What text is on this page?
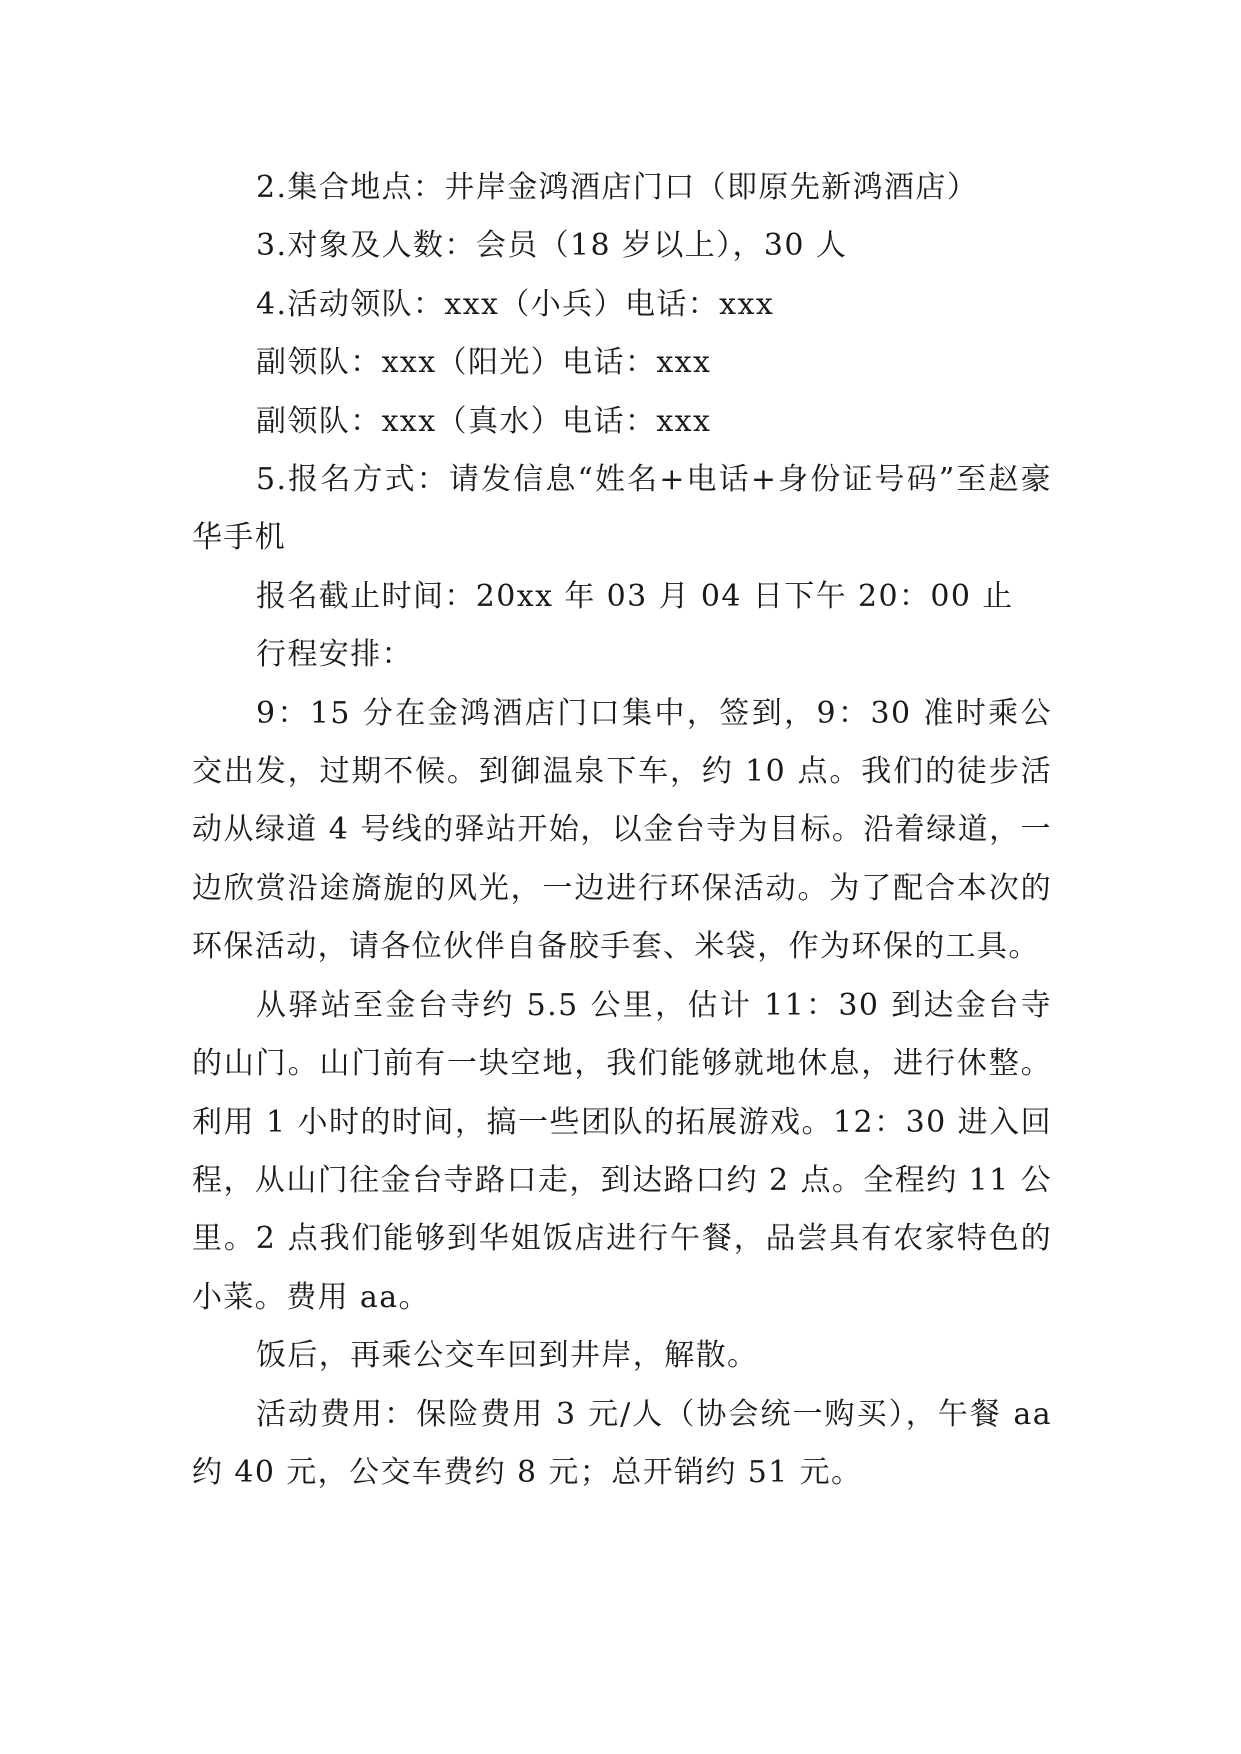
2.集合地点：井岸金鸿酒店门口（即原先新鸿酒店）

3.对象及人数：会员（18 岁以上），30 人

4.活动领队：xxx（小兵）电话：xxx

副领队：xxx（阳光）电话：xxx

副领队：xxx（真水）电话：xxx

5.报名方式：请发信息“姓名+电话+身份证号码”至赵豪华手机

报名截止时间：20xx 年 03 月 04 日下午 20：00 止

行程安排：

9：15 分在金鸿酒店门口集中，签到，9：30 准时乘公交出发，过期不候。到御温泉下车，约 10 点。我们的徒步活动从绿道 4 号线的驿站开始，以金台寺为目标。沿着绿道，一边欣赏沿途旖旎的风光，一边进行环保活动。为了配合本次的环保活动，请各位伙伴自备胶手套、米袋，作为环保的工具。

从驿站至金台寺约 5.5 公里，估计 11：30 到达金台寺的山门。山门前有一块空地，我们能够就地休息，进行休整。利用 1 小时的时间，搞一些团队的拓展游戏。12：30 进入回程，从山门往金台寺路口走，到达路口约 2 点。全程约 11 公里。2 点我们能够到华姐饭店进行午餐，品尝具有农家特色的小菜。费用 aa。

饭后，再乘公交车回到井岸，解散。

活动费用：保险费用 3 元/人（协会统一购买），午餐 aa 约 40 元，公交车费约 8 元；总开销约 51 元。
